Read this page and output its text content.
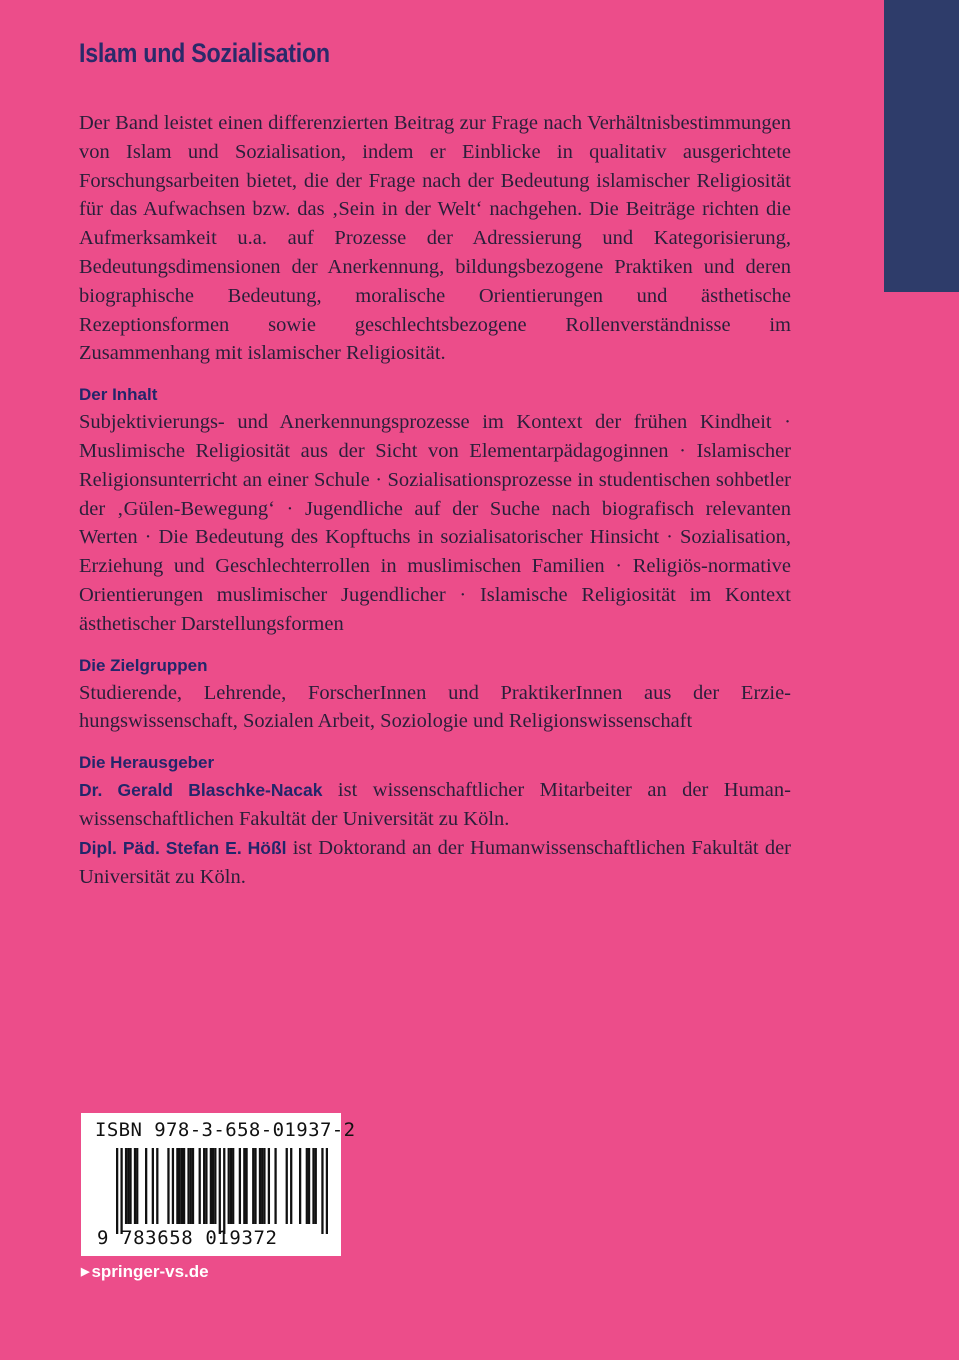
Islam und Sozialisation

Der Band leistet einen differenzierten Beitrag zur Frage nach Verhältnisbestimmungen von Islam und Sozialisation, indem er Einblicke in qualitativ ausgerichtete Forschungsarbeiten bietet, die der Frage nach der Bedeutung islamischer Religiosität für das Aufwachsen bzw. das ‚Sein in der Welt‘ nachgehen. Die Beiträge richten die Aufmerksamkeit u.a. auf Prozesse der Adressierung und Kategorisierung, Bedeutungsdimensionen der Anerkennung, bildungsbezogene Praktiken und deren biographische Bedeutung, moralische Orientierungen und ästhetische Rezeptionsformen sowie geschlechtsbezogene Rollenverständnisse im Zusammenhang mit islamischer Religiosität.

Der Inhalt

Subjektivierungs- und Anerkennungsprozesse im Kontext der frühen Kindheit · Muslimische Religiosität aus der Sicht von Elementarpädagoginnen · Islamischer Religionsunterricht an einer Schule · Sozialisationsprozesse in studentischen sohbetler der ‚Gülen-Bewegung‘ · Jugendliche auf der Suche nach biografisch relevanten Werten · Die Bedeutung des Kopftuchs in sozialisatorischer Hinsicht · Sozialisation, Erziehung und Geschlechterrollen in muslimischen Familien · Religiös-normative Orientierungen muslimischer Jugendlicher · Islamische Religiosität im Kontext ästhetischer Darstellungsformen

Die Zielgruppen

Studierende, Lehrende, ForscherInnen und PraktikerInnen aus der Erziehungswissenschaft, Sozialen Arbeit, Soziologie und Religionswissenschaft

Die Herausgeber

Dr. Gerald Blaschke-Nacak ist wissenschaftlicher Mitarbeiter an der Humanwissenschaftlichen Fakultät der Universität zu Köln.

Dipl. Päd. Stefan E. Hößl ist Doktorand an der Humanwissenschaftlichen Fakultät der Universität zu Köln.

ISBN 978-3-658-01937-2
9 783658 019372
▶ springer-vs.de
